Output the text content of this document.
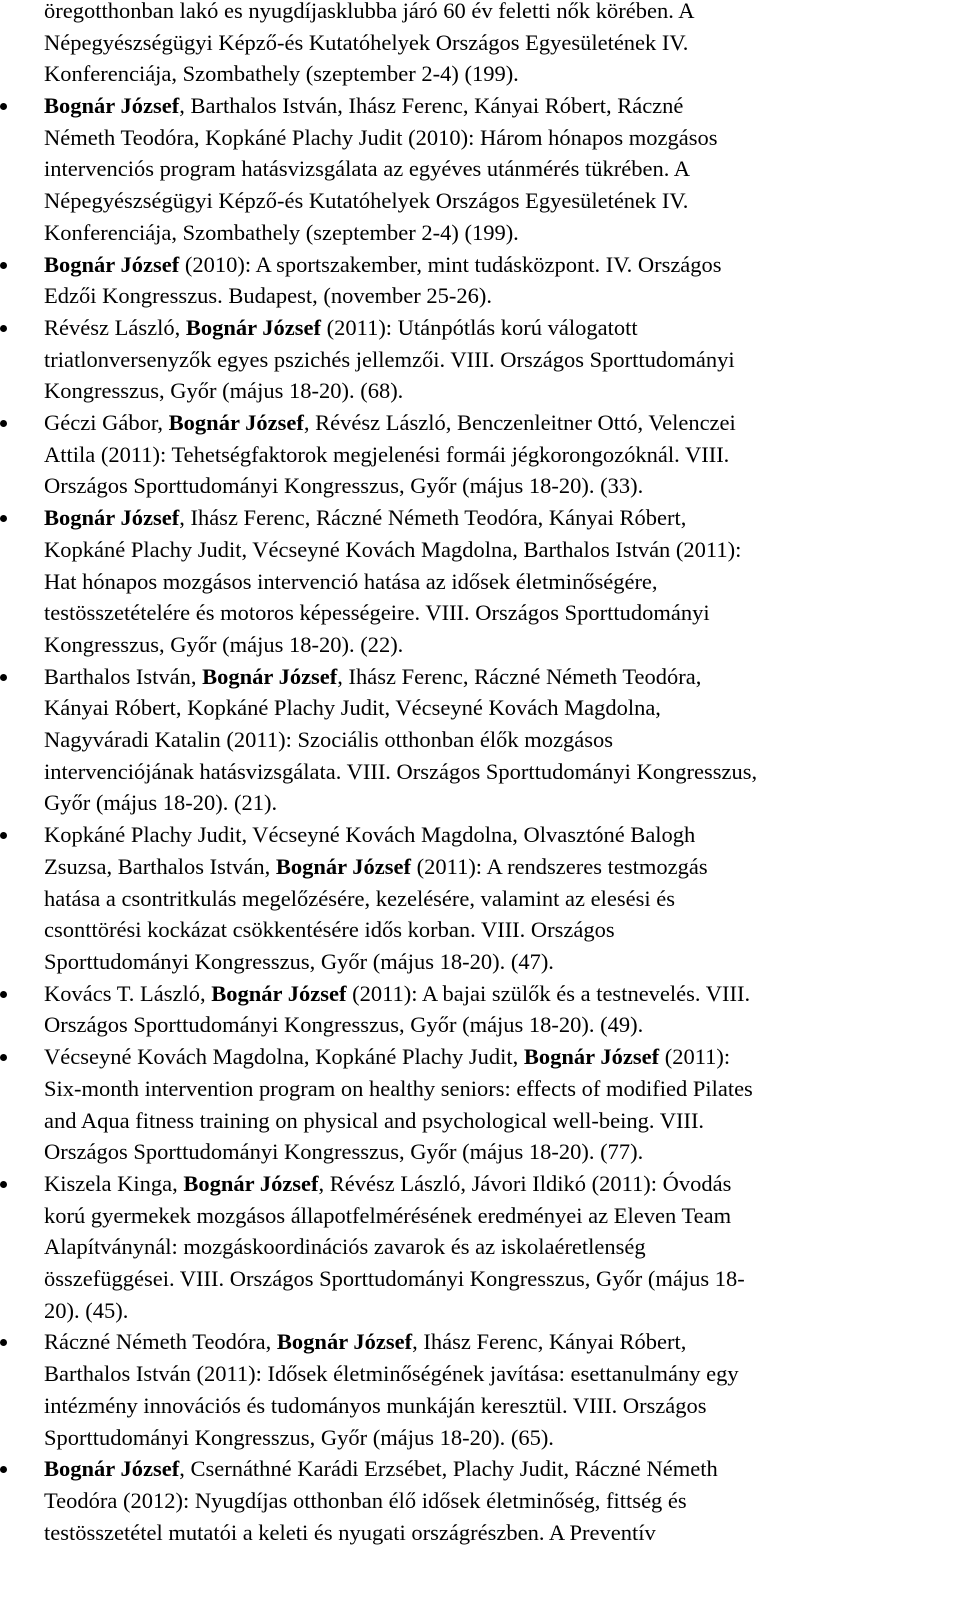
öregotthonban lakó es nyugdíjasklubba járó 60 év feletti nők körében. A
Népegyészségügyi Képző-és Kutatóhelyek Országos Egyesületének IV.
Konferenciája, Szombathely (szeptember 2-4) (199).

Bognár József, Barthalos István, Ihász Ferenc, Kányai Róbert, Ráczné
Németh Teodóra, Kopkáné Plachy Judit (2010): Három hónapos mozgásos
intervenciós program hatásvizsgálata az egyéves utánmérés tükrében. A
Népegyészségügyi Képző-és Kutatóhelyek Országos Egyesületének IV.
Konferenciája, Szombathely (szeptember 2-4) (199).
Bognár József (2010): A sportszakember, mint tudásközpont. IV. Országos
Edzői Kongresszus. Budapest, (november 25-26).
Révész László, Bognár József (2011): Utánpótlás korú válogatott
triatlonversenyzők egyes pszichés jellemzői. VIII. Országos Sporttudományi
Kongresszus, Győr (május 18-20). (68).
Géczi Gábor, Bognár József, Révész László, Benczenleitner Ottó, Velenczei
Attila (2011): Tehetségfaktorok megjelenési formái jégkorongozóknál. VIII.
Országos Sporttudományi Kongresszus, Győr (május 18-20). (33).
Bognár József, Ihász Ferenc, Ráczné Németh Teodóra, Kányai Róbert,
Kopkáné Plachy Judit, Vécseyné Kovách Magdolna, Barthalos István (2011):
Hat hónapos mozgásos intervenció hatása az idősek életminőségére,
testösszetételére és motoros képességeire. VIII. Országos Sporttudományi
Kongresszus, Győr (május 18-20). (22).
Barthalos István, Bognár József, Ihász Ferenc, Ráczné Németh Teodóra,
Kányai Róbert, Kopkáné Plachy Judit, Vécseyné Kovách Magdolna,
Nagyváradi Katalin (2011): Szociális otthonban élők mozgásos
intervenciójának hatásvizsgálata. VIII. Országos Sporttudományi Kongresszus,
Győr (május 18-20). (21).
Kopkáné Plachy Judit, Vécseyné Kovách Magdolna, Olvasztóné Balogh
Zsuzsa, Barthalos István, Bognár József (2011): A rendszeres testmozgás
hatása a csontritkulás megelőzésére, kezelésére, valamint az elesési és
csonttörési kockázat csökkentésére idős korban. VIII. Országos
Sporttudományi Kongresszus, Győr (május 18-20). (47).
Kovács T. László, Bognár József (2011): A bajai szülők és a testnevelés. VIII.
Országos Sporttudományi Kongresszus, Győr (május 18-20). (49).
Vécseyné Kovách Magdolna, Kopkáné Plachy Judit, Bognár József (2011):
Six-month intervention program on healthy seniors: effects of modified Pilates
and Aqua fitness training on physical and psychological well-being. VIII.
Országos Sporttudományi Kongresszus, Győr (május 18-20). (77).
Kiszela Kinga, Bognár József, Révész László, Jávori Ildikó (2011): Óvodás
korú gyermekek mozgásos állapotfelmérésének eredményei az Eleven Team
Alapítványnál: mozgáskoordinációs zavarok és az iskolaéretlenség
összefüggései. VIII. Országos Sporttudományi Kongresszus, Győr (május 18-
20). (45).
Ráczné Németh Teodóra, Bognár József, Ihász Ferenc, Kányai Róbert,
Barthalos István (2011): Idősek életminőségének javítása: esettanulmány egy
intézmény innovációs és tudományos munkáján keresztül. VIII. Országos
Sporttudományi Kongresszus, Győr (május 18-20). (65).
Bognár József, Csernáthné Karádi Erzsébet, Plachy Judit, Ráczné Németh
Teodóra (2012): Nyugdíjas otthonban élő idősek életminőség, fittség és
testösszetétel mutatói a keleti és nyugati országrészben. A Preventív
